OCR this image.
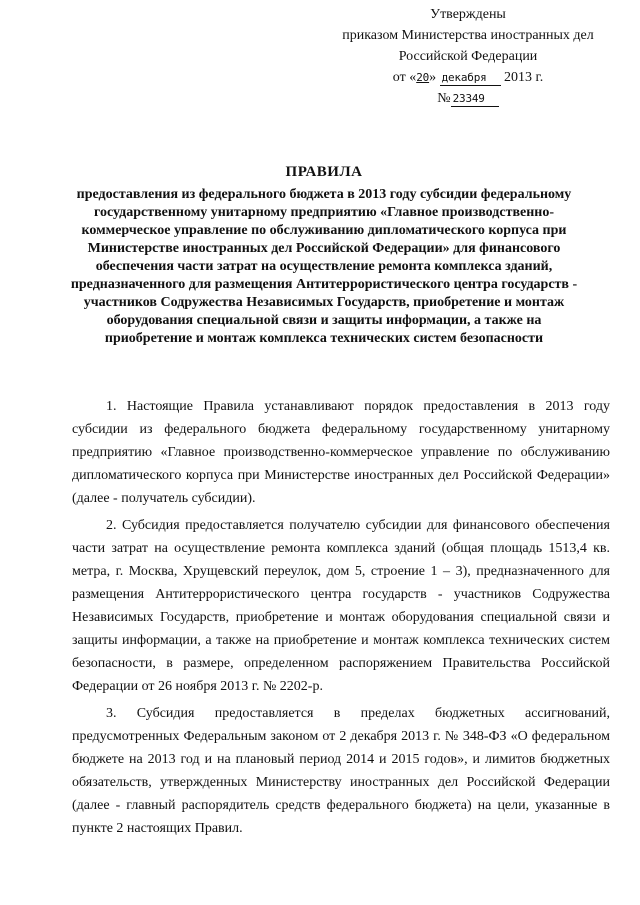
Утверждены
приказом Министерства иностранных дел
Российской Федерации
от «20» декабря 2013 г.
№ 23349
ПРАВИЛА
предоставления из федерального бюджета в 2013 году субсидии федеральному государственному унитарному предприятию «Главное производственно-коммерческое управление по обслуживанию дипломатического корпуса при Министерстве иностранных дел Российской Федерации» для финансового обеспечения части затрат на осуществление ремонта комплекса зданий, предназначенного для размещения Антитеррористического центра государств - участников Содружества Независимых Государств, приобретение и монтаж оборудования специальной связи и защиты информации, а также на приобретение и монтаж комплекса технических систем безопасности

1. Настоящие Правила устанавливают порядок предоставления в 2013 году субсидии из федерального бюджета федеральному государственному унитарному предприятию «Главное производственно-коммерческое управление по обслуживанию дипломатического корпуса при Министерстве иностранных дел Российской Федерации» (далее - получатель субсидии).

2. Субсидия предоставляется получателю субсидии для финансового обеспечения части затрат на осуществление ремонта комплекса зданий (общая площадь 1513,4 кв. метра, г. Москва, Хрущевский переулок, дом 5, строение 1 – 3), предназначенного для размещения Антитеррористического центра государств - участников Содружества Независимых Государств, приобретение и монтаж оборудования специальной связи и защиты информации, а также на приобретение и монтаж комплекса технических систем безопасности, в размере, определенном распоряжением Правительства Российской Федерации от 26 ноября 2013 г. № 2202-р.

3. Субсидия предоставляется в пределах бюджетных ассигнований, предусмотренных Федеральным законом от 2 декабря 2013 г. № 348-ФЗ «О федеральном бюджете на 2013 год и на плановый период 2014 и 2015 годов», и лимитов бюджетных обязательств, утвержденных Министерству иностранных дел Российской Федерации (далее - главный распорядитель средств федерального бюджета) на цели, указанные в пункте 2 настоящих Правил.
